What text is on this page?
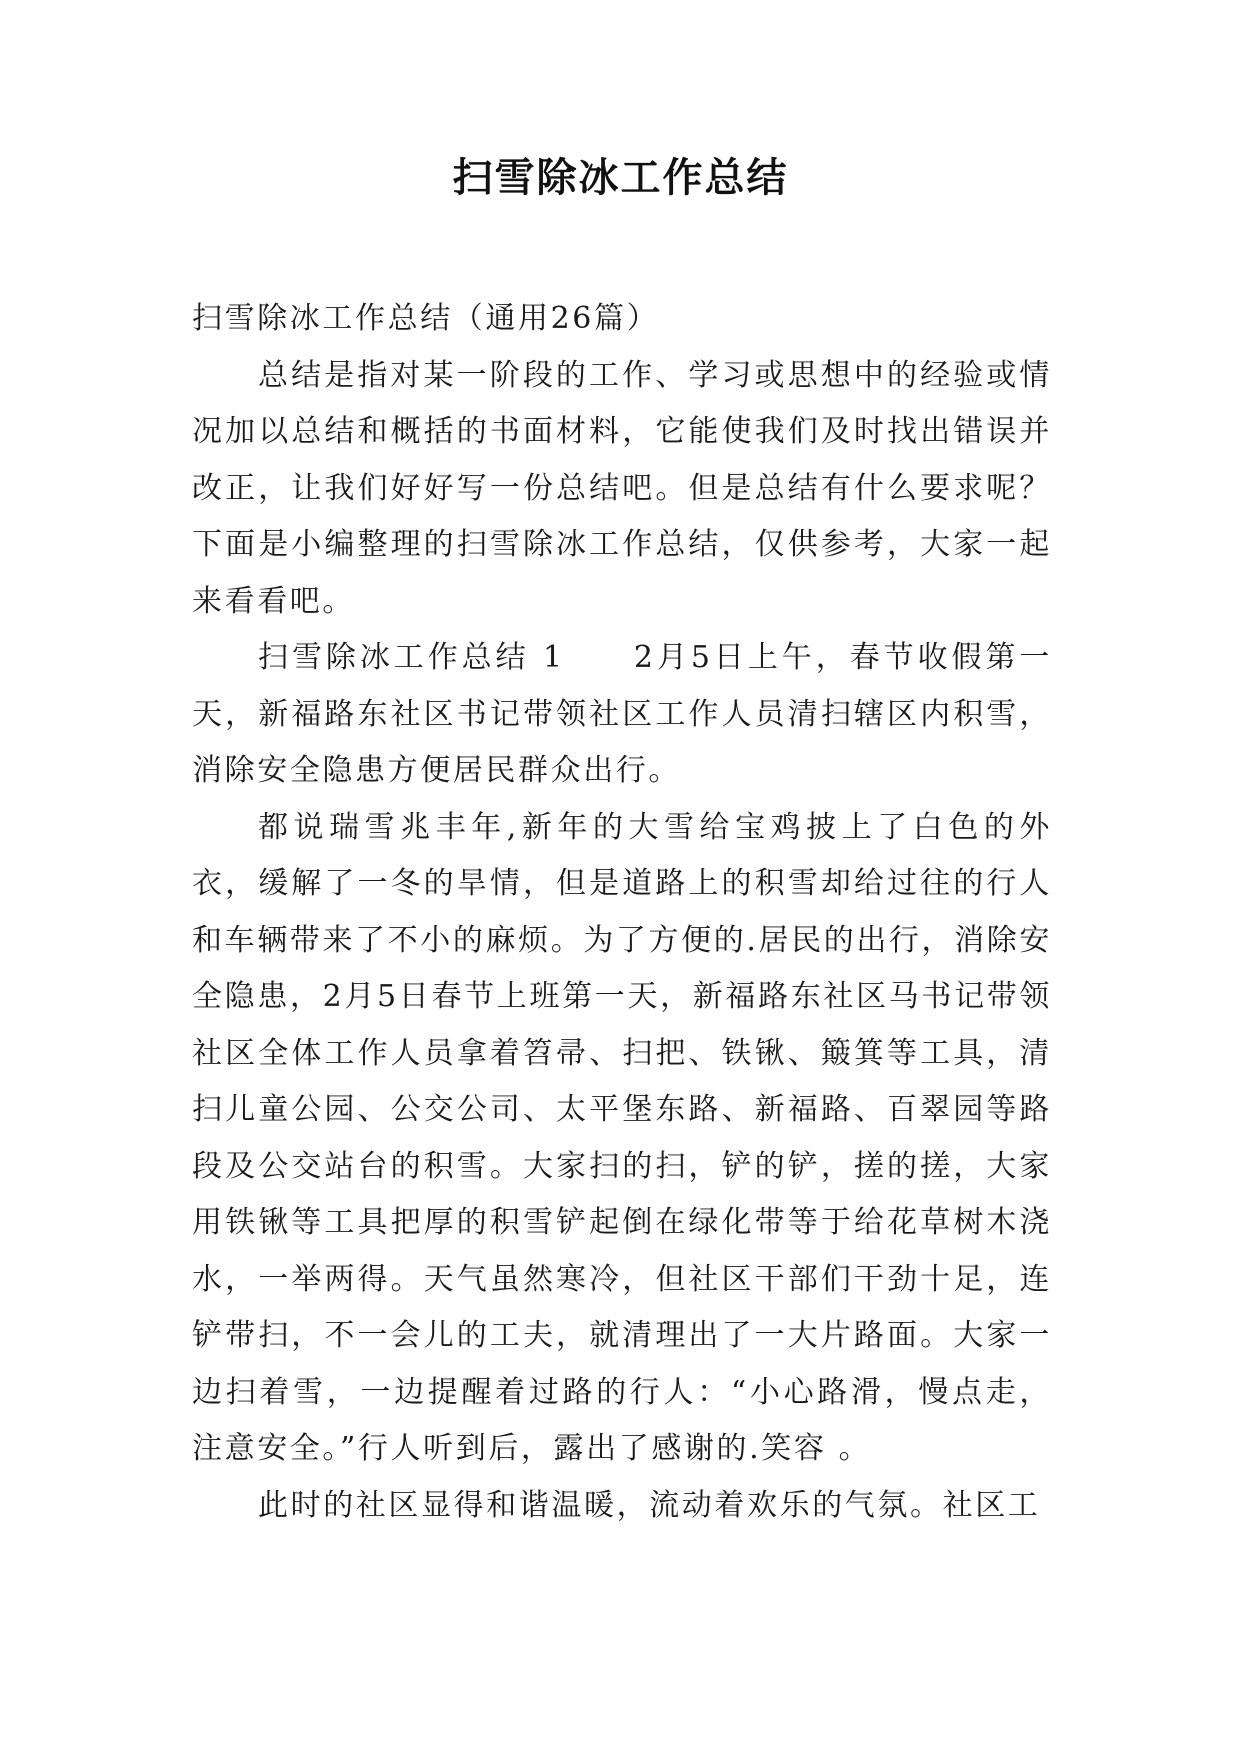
扫雪除冰工作总结

扫雪除冰工作总结（通用26篇）

总结是指对某一阶段的工作、学习或思想中的经验或情况加以总结和概括的书面材料，它能使我们及时找出错误并改正，让我们好好写一份总结吧。但是总结有什么要求呢？下面是小编整理的扫雪除冰工作总结，仅供参考，大家一起来看看吧。

扫雪除冰工作总结 1　　2月5日上午，春节收假第一天，新福路东社区书记带领社区工作人员清扫辖区内积雪，消除安全隐患方便居民群众出行。

都说瑞雪兆丰年,新年的大雪给宝鸡披上了白色的外衣，缓解了一冬的旱情，但是道路上的积雪却给过往的行人和车辆带来了不小的麻烦。为了方便的.居民的出行，消除安全隐患，2月5日春节上班第一天，新福路东社区马书记带领社区全体工作人员拿着笤帚、扫把、铁锹、簸箕等工具，清扫儿童公园、公交公司、太平堡东路、新福路、百翠园等路段及公交站台的积雪。大家扫的扫，铲的铲，搓的搓，大家用铁锹等工具把厚的积雪铲起倒在绿化带等于给花草树木浇水，一举两得。天气虽然寒冷，但社区干部们干劲十足，连铲带扫，不一会儿的工夫，就清理出了一大片路面。大家一边扫着雪，一边提醒着过路的行人：“小心路滑，慢点走，注意安全。”行人听到后，露出了感谢的.笑容 。

此时的社区显得和谐温暖，流动着欢乐的气氛。社区工
